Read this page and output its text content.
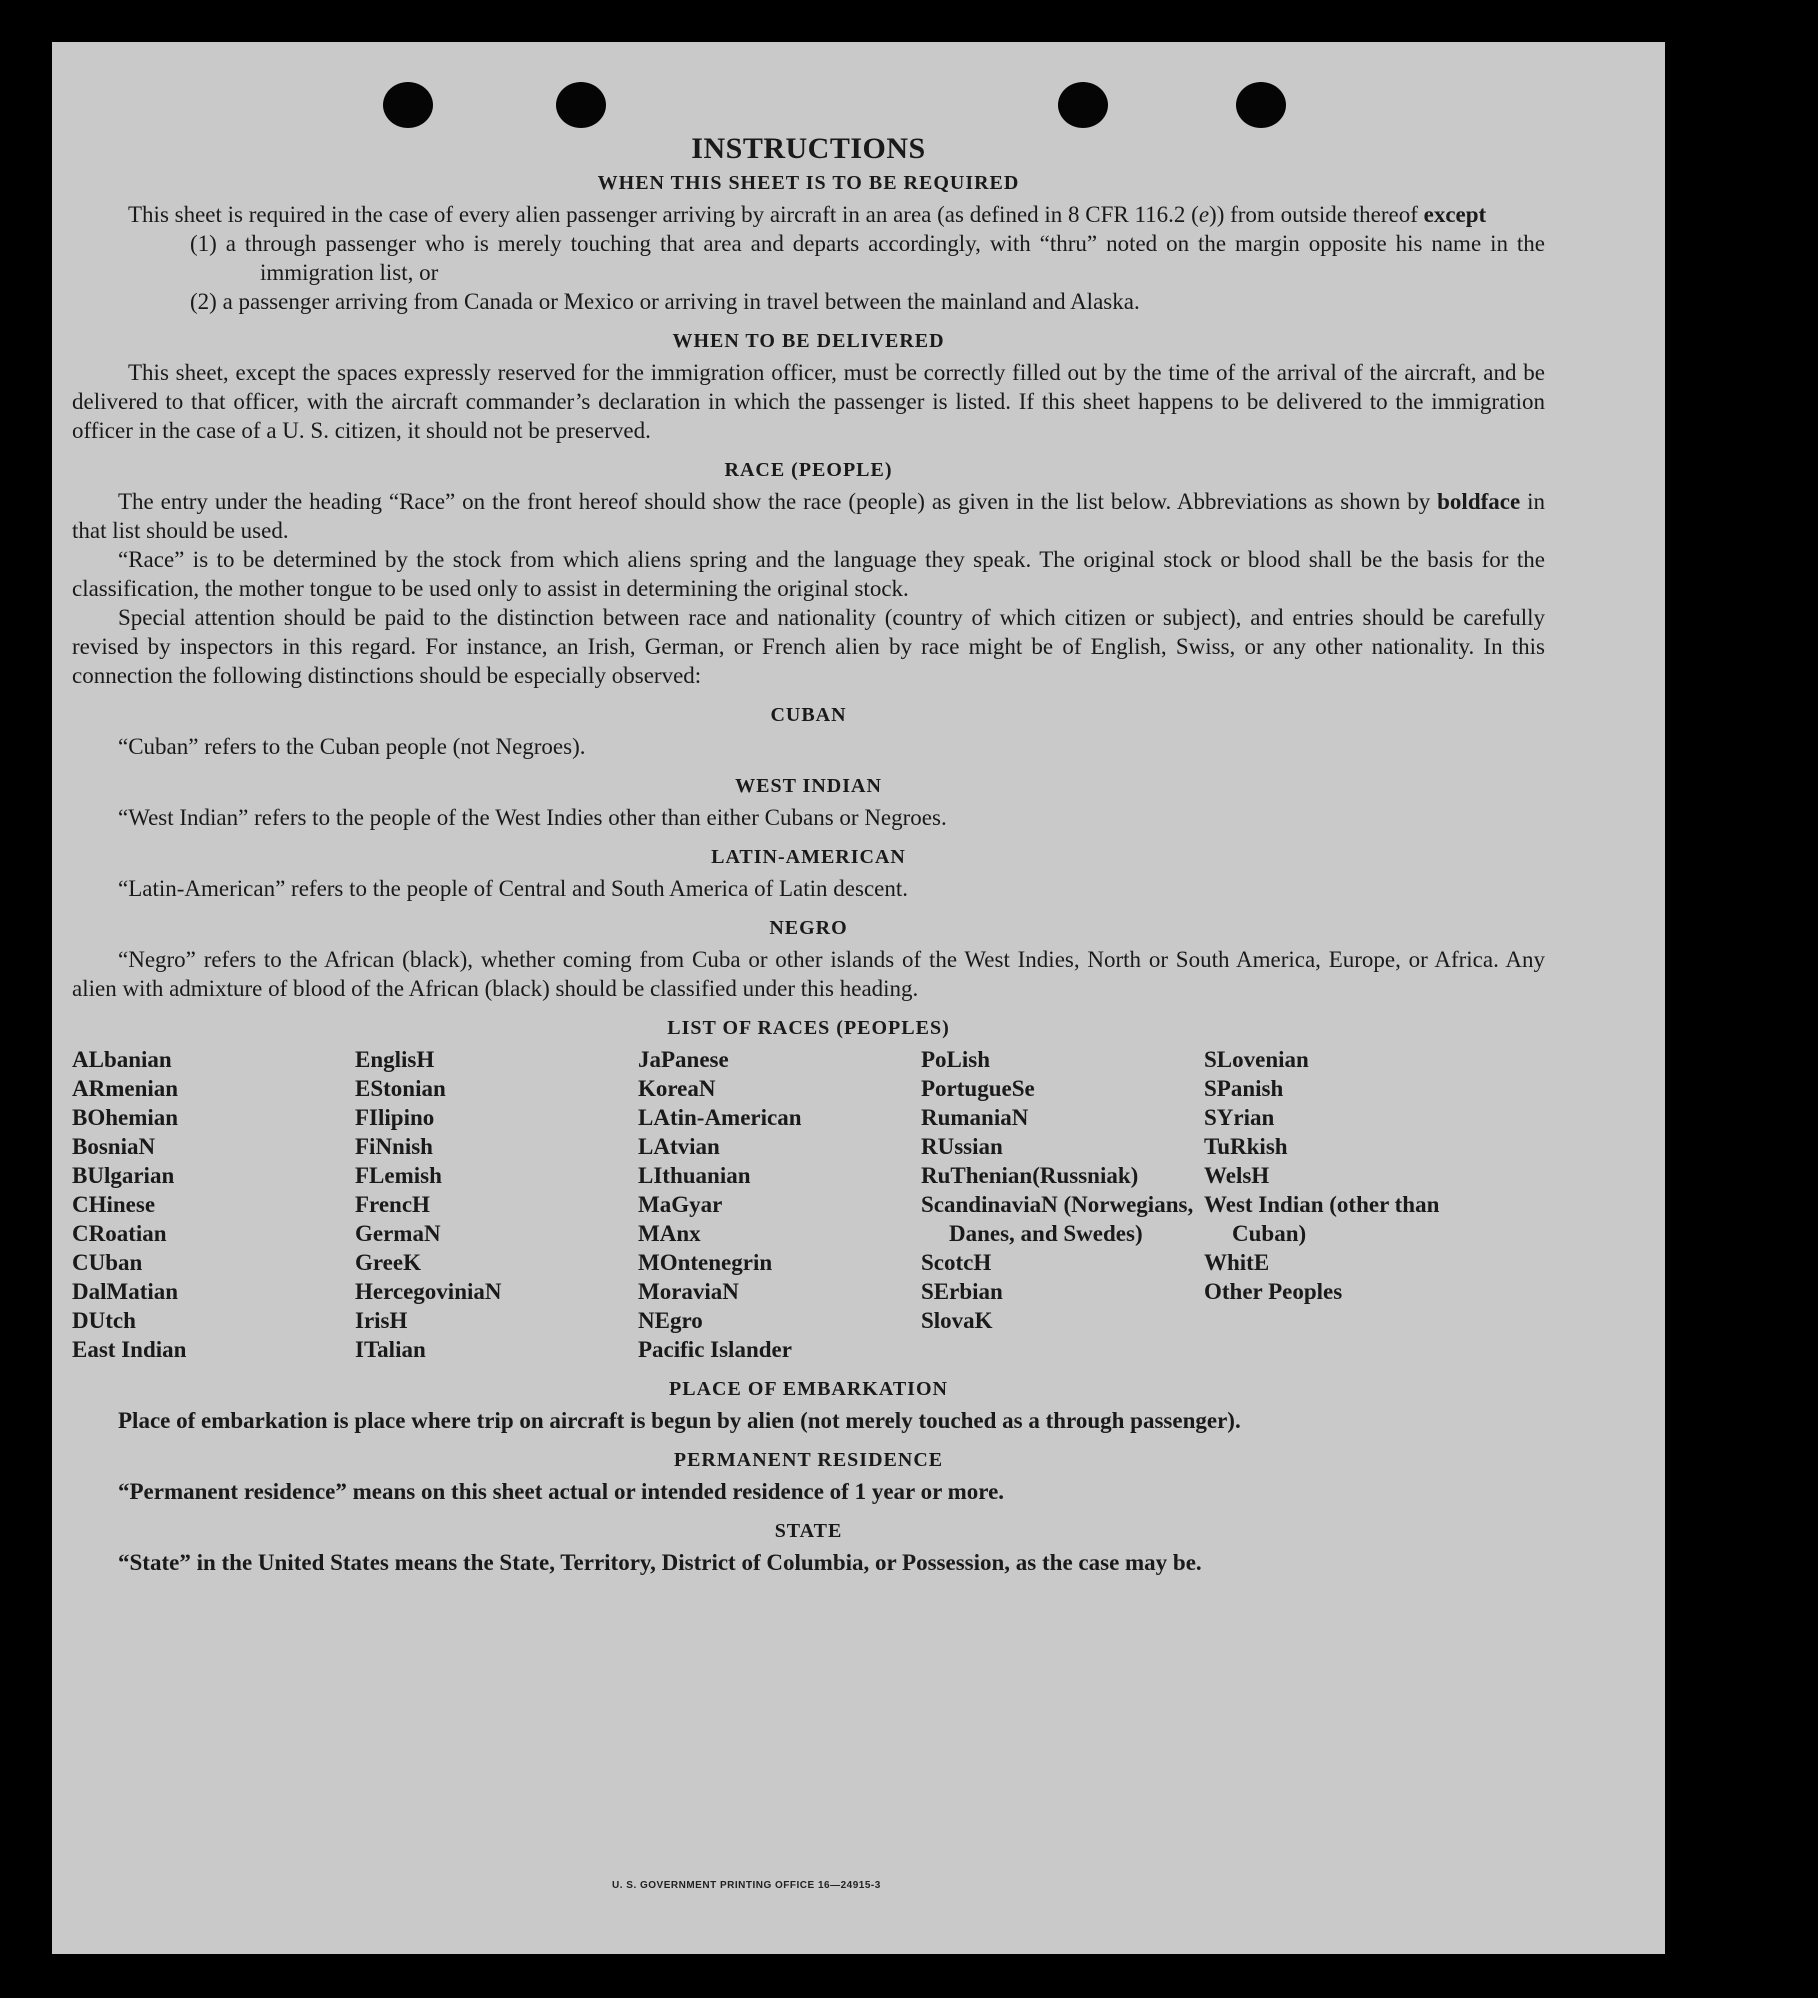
INSTRUCTIONS
WHEN THIS SHEET IS TO BE REQUIRED

This sheet is required in the case of every alien passenger arriving by aircraft in an area (as defined in 8 CFR 116.2 (e)) from outside thereof except

(1) a through passenger who is merely touching that area and departs accordingly, with “thru” noted on the margin opposite his name in the immigration list, or

(2) a passenger arriving from Canada or Mexico or arriving in travel between the mainland and Alaska.

WHEN TO BE DELIVERED

This sheet, except the spaces expressly reserved for the immigration officer, must be correctly filled out by the time of the arrival of the aircraft, and be delivered to that officer, with the aircraft commander’s declaration in which the passenger is listed. If this sheet happens to be delivered to the immigration officer in the case of a U. S. citizen, it should not be preserved.

RACE (PEOPLE)

The entry under the heading “Race” on the front hereof should show the race (people) as given in the list below. Abbreviations as shown by boldface in that list should be used.

“Race” is to be determined by the stock from which aliens spring and the language they speak. The original stock or blood shall be the basis for the classification, the mother tongue to be used only to assist in determining the original stock.

Special attention should be paid to the distinction between race and nationality (country of which citizen or subject), and entries should be carefully revised by inspectors in this regard. For instance, an Irish, German, or French alien by race might be of English, Swiss, or any other nationality. In this connection the following distinctions should be especially observed:

CUBAN

“Cuban” refers to the Cuban people (not Negroes).

WEST INDIAN

“West Indian” refers to the people of the West Indies other than either Cubans or Negroes.

LATIN-AMERICAN

“Latin-American” refers to the people of Central and South America of Latin descent.

NEGRO

“Negro” refers to the African (black), whether coming from Cuba or other islands of the West Indies, North or South America, Europe, or Africa. Any alien with admixture of blood of the African (black) should be classified under this heading.

LIST OF RACES (PEOPLES)
ALbanian
ARmenian
BOhemian
BosniaN
BUlgarian
CHinese
CRoatian
CUban
DalMatian
DUtch
East Indian
EnglisH
EStonian
FIlipino
FiNnish
FLemish
FrencH
GermaN
GreeK
HercegoviniaN
IrisH
ITalian
JaPanese
KoreaN
LAtin-American
LAtvian
LIthuanian
MaGyar
MAnx
MOntenegrin
MoraviaN
NEgro
Pacific Islander
PoLish
PortugueSe
RumaniaN
RUssian
RuThenian(Russniak)
ScandinaviaN (Norwegians, Danes, and Swedes)
ScotcH
SErbian
SlovaK
SLovenian
SPanish
SYrian
TuRkish
WelsH
West Indian (other than Cuban)
WhitE
Other Peoples
PLACE OF EMBARKATION

Place of embarkation is place where trip on aircraft is begun by alien (not merely touched as a through passenger).

PERMANENT RESIDENCE

“Permanent residence” means on this sheet actual or intended residence of 1 year or more.

STATE

“State” in the United States means the State, Territory, District of Columbia, or Possession, as the case may be.

U. S. GOVERNMENT PRINTING OFFICE 16—24915-3
